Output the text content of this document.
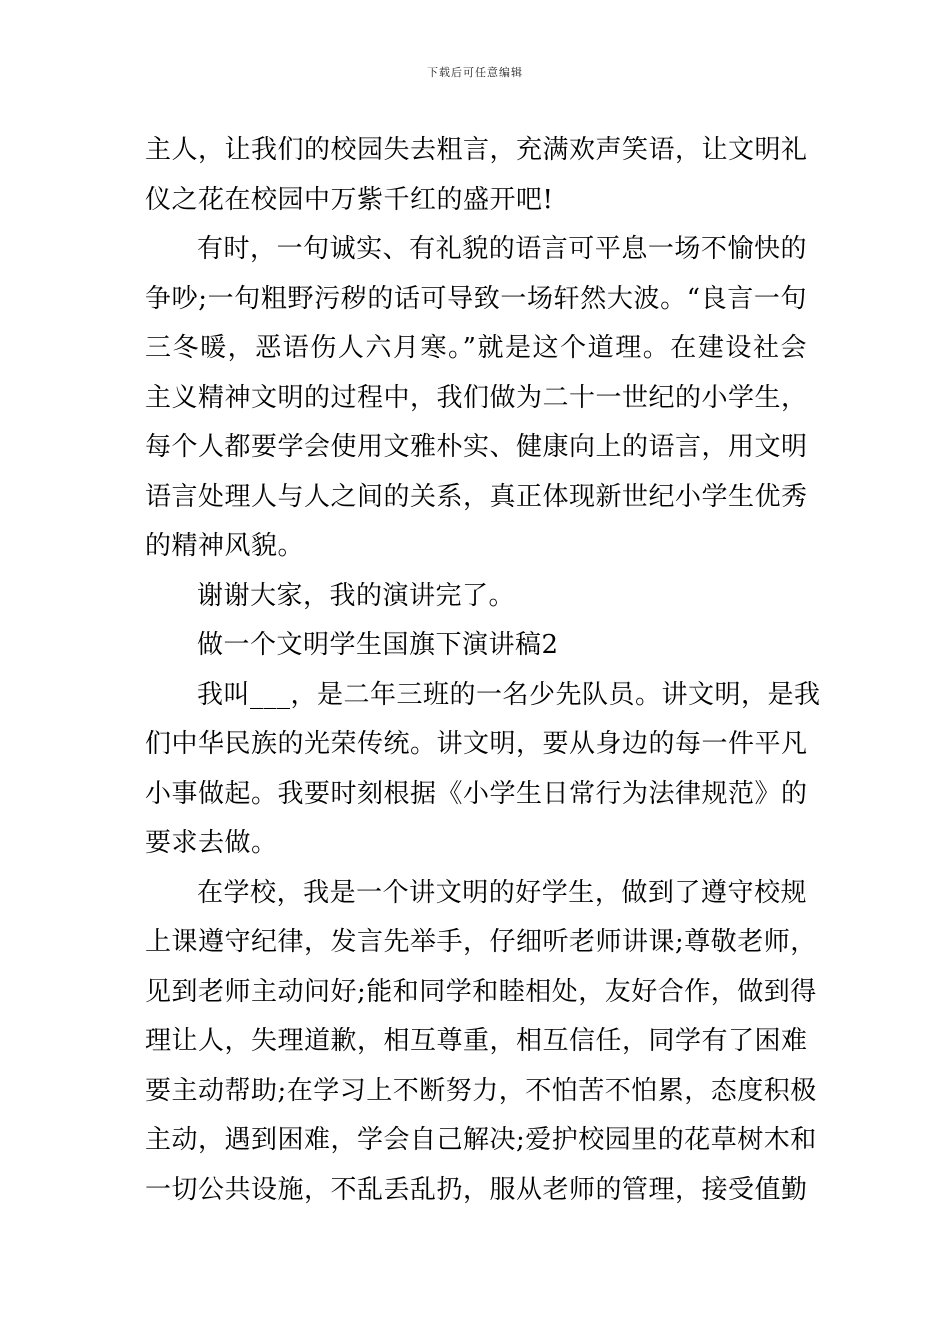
下载后可任意编辑
主人，让我们的校园失去粗言，充满欢声笑语，让文明礼
仪之花在校园中万紫千红的盛开吧!
有时，一句诚实、有礼貌的语言可平息一场不愉快的
争吵;一句粗野污秽的话可导致一场轩然大波。“良言一句
三冬暖，恶语伤人六月寒。”就是这个道理。在建设社会
主义精神文明的过程中，我们做为二十一世纪的小学生，
每个人都要学会使用文雅朴实、健康向上的语言，用文明
语言处理人与人之间的关系，真正体现新世纪小学生优秀
的精神风貌。
谢谢大家，我的演讲完了。
做一个文明学生国旗下演讲稿2
我叫___，是二年三班的一名少先队员。讲文明，是我
们中华民族的光荣传统。讲文明，要从身边的每一件平凡
小事做起。我要时刻根据《小学生日常行为法律规范》的
要求去做。
在学校，我是一个讲文明的好学生，做到了遵守校规
上课遵守纪律，发言先举手，仔细听老师讲课;尊敬老师，
见到老师主动问好;能和同学和睦相处，友好合作，做到得
理让人，失理道歉，相互尊重，相互信任，同学有了困难
要主动帮助;在学习上不断努力，不怕苦不怕累，态度积极
主动，遇到困难，学会自己解决;爱护校园里的花草树木和
一切公共设施，不乱丢乱扔，服从老师的管理，接受值勤
